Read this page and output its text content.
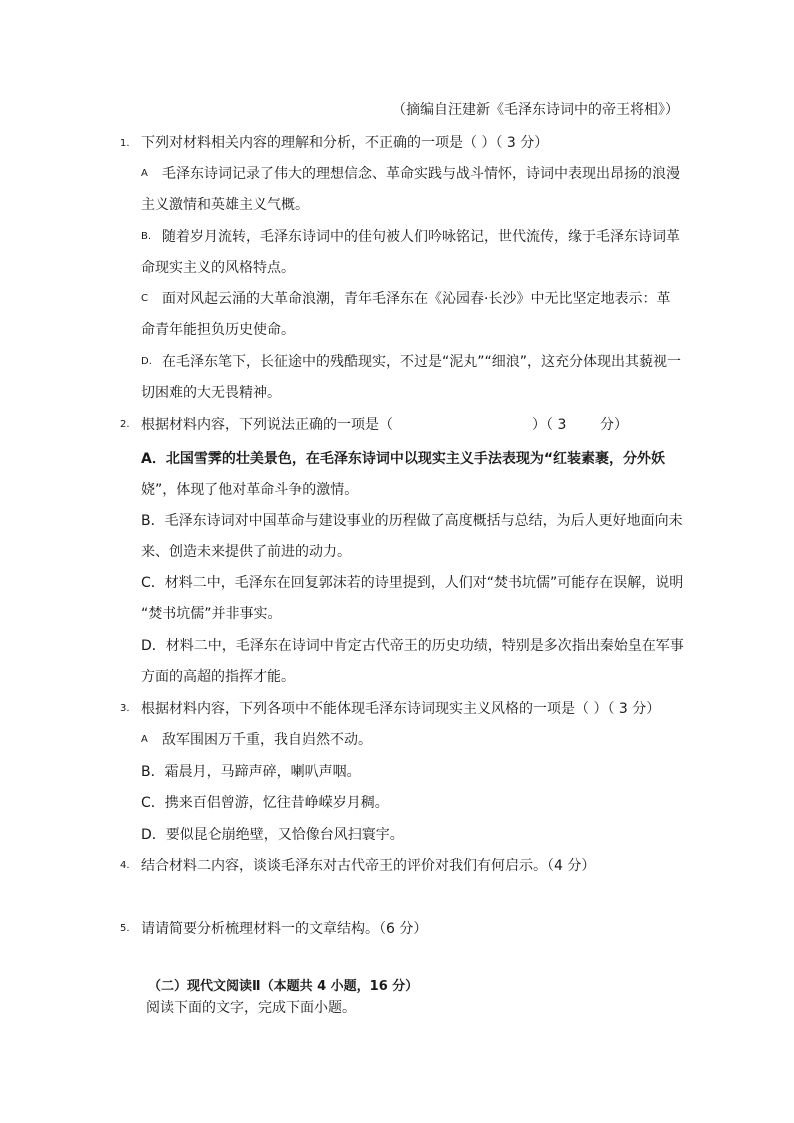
（摘编自汪建新《毛泽东诗词中的帝王将相》）
1. 下列对材料相关内容的理解和分析，不正确的一项是（ ）（ 3 分）
A 毛泽东诗词记录了伟大的理想信念、革命实践与战斗情怀，诗词中表现出昂扬的浪漫
主义激情和英雄主义气概。
B. 随着岁月流转，毛泽东诗词中的佳句被人们吟咏铭记，世代流传，缘于毛泽东诗词革
命现实主义的风格特点。
C 面对风起云涌的大革命浪潮，青年毛泽东在《沁园春·长沙》中无比坚定地表示：革
命青年能担负历史使命。
D. 在毛泽东笔下，长征途中的残酷现实，不过是“泥丸”“细浪”，这充分体现出其藐视一
切困难的大无畏精神。
2. 根据材料内容，下列说法正确的一项是（	）（ 3 分）
A．北国雪霁的壮美景色，在毛泽东诗词中以现实主义手法表现为“红装素裹，分外妖
娆”，体现了他对革命斗争的激情。
B．毛泽东诗词对中国革命与建设事业的历程做了高度概括与总结，为后人更好地面向未
来、创造未来提供了前进的动力。
C．材料二中，毛泽东在回复郭沫若的诗里提到，人们对“焚书坑儒”可能存在误解，说明
“焚书坑儒”并非事实。
D．材料二中，毛泽东在诗词中肯定古代帝王的历史功绩，特别是多次指出秦始皇在军事
方面的高超的指挥才能。
3. 根据材料内容，下列各项中不能体现毛泽东诗词现实主义风格的一项是（ ）（ 3 分）
A 敌军围困万千重，我自岿然不动。
B．霜晨月，马蹄声碎，喇叭声咽。
C．携来百侣曾游，忆往昔峥嵘岁月稠。
D．要似昆仑崩绝壁，又恰像台风扫寰宇。
4. 结合材料二内容，谈谈毛泽东对古代帝王的评价对我们有何启示。（4 分）
5. 请请简要分析梳理材料一的文章结构。（6 分）
（二）现代文阅读Ⅱ（本题共 4 小题，16 分）
阅读下面的文字，完成下面小题。
